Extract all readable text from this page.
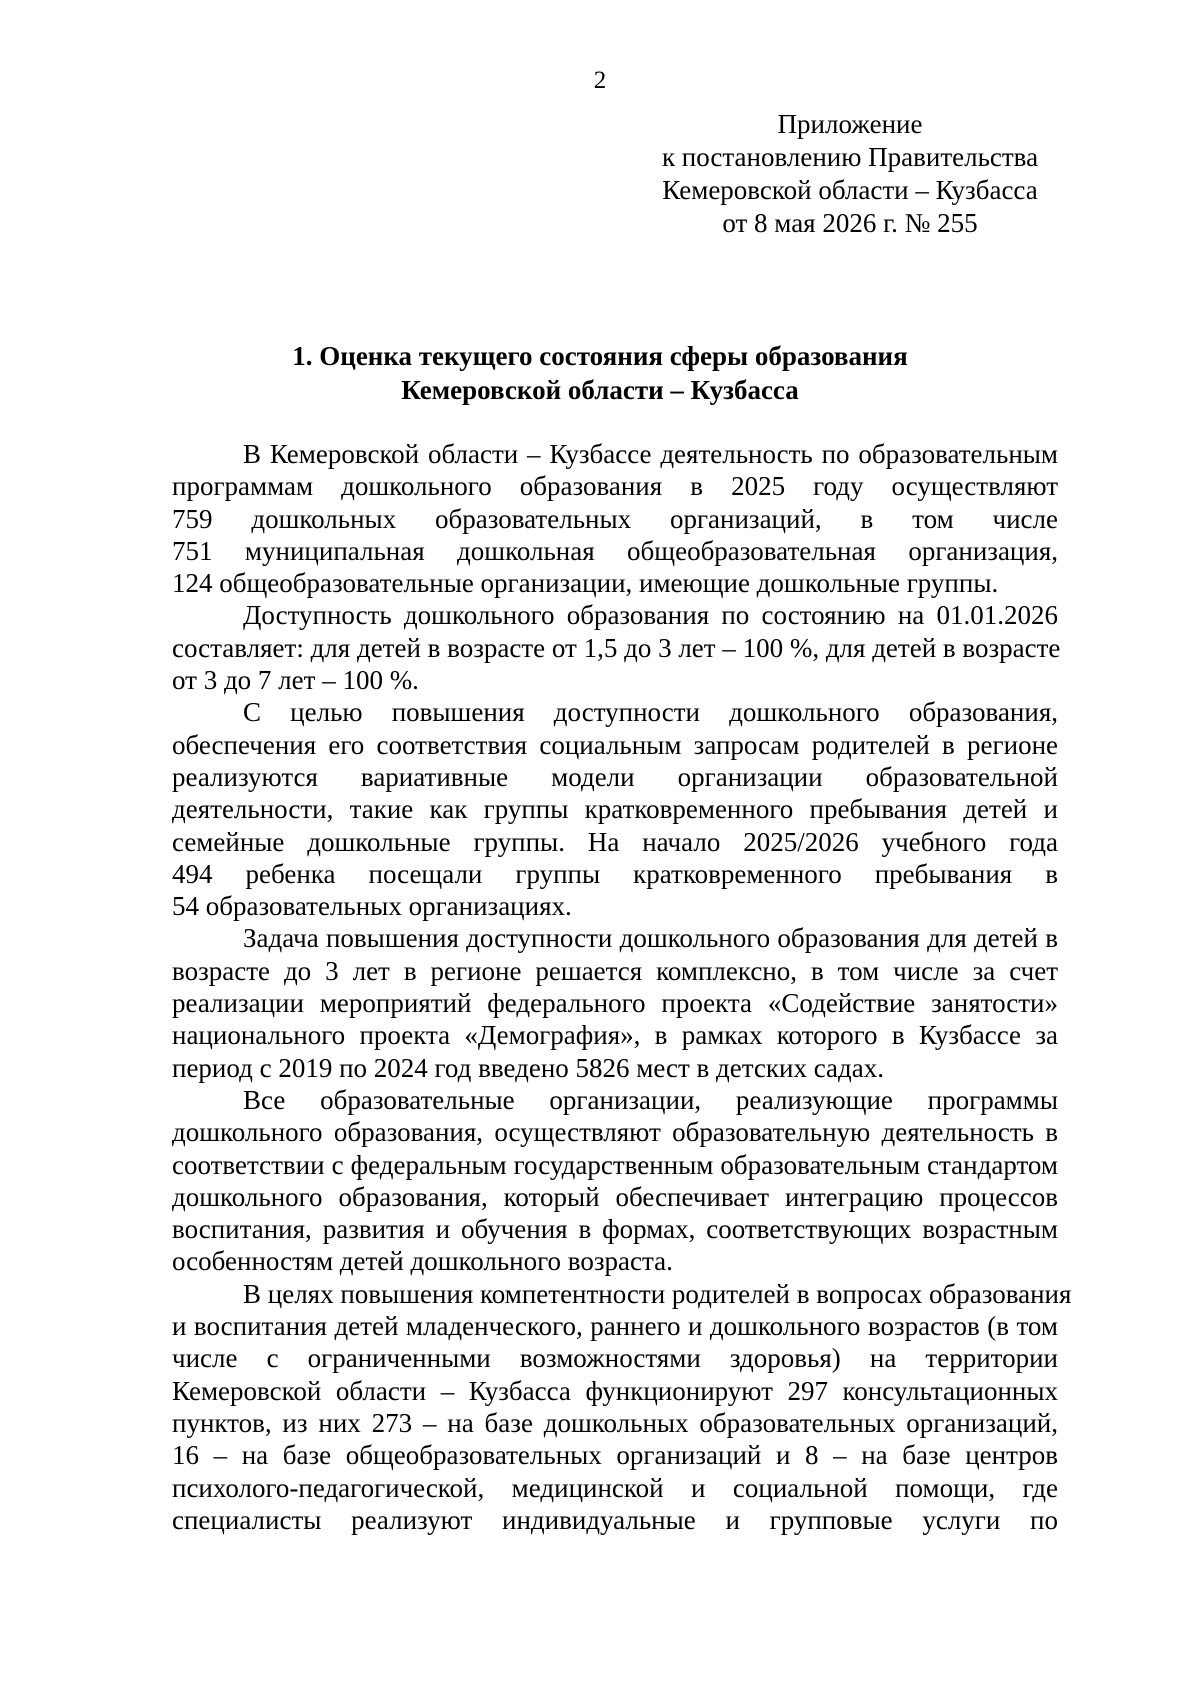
2
Приложение
к постановлению Правительства
Кемеровской области – Кузбасса
от 8 мая 2026 г. № 255
1. Оценка текущего состояния сферы образования
Кемеровской области – Кузбасса
В Кемеровской области – Кузбассе деятельность по образовательным
программам дошкольного образования в 2025 году осуществляют
759 дошкольных образовательных организаций, в том числе
751 муниципальная дошкольная общеобразовательная организация,
124 общеобразовательные организации, имеющие дошкольные группы.
Доступность дошкольного образования по состоянию на 01.01.2026
составляет: для детей в возрасте от 1,5 до 3 лет – 100 %, для детей в возрасте
от 3 до 7 лет – 100 %.
С целью повышения доступности дошкольного образования,
обеспечения его соответствия социальным запросам родителей в регионе
реализуются вариативные модели организации образовательной
деятельности, такие как группы кратковременного пребывания детей и
семейные дошкольные группы. На начало 2025/2026 учебного года
494 ребенка посещали группы кратковременного пребывания в
54 образовательных организациях.
Задача повышения доступности дошкольного образования для детей в
возрасте до 3 лет в регионе решается комплексно, в том числе за счет
реализации мероприятий федерального проекта «Содействие занятости»
национального проекта «Демография», в рамках которого в Кузбассе за
период с 2019 по 2024 год введено 5826 мест в детских садах.
Все образовательные организации, реализующие программы
дошкольного образования, осуществляют образовательную деятельность в
соответствии с федеральным государственным образовательным стандартом
дошкольного образования, который обеспечивает интеграцию процессов
воспитания, развития и обучения в формах, соответствующих возрастным
особенностям детей дошкольного возраста.
В целях повышения компетентности родителей в вопросах образования
и воспитания детей младенческого, раннего и дошкольного возрастов (в том
числе с ограниченными возможностями здоровья) на территории
Кемеровской области – Кузбасса функционируют 297 консультационных
пунктов, из них 273 – на базе дошкольных образовательных организаций,
16 – на базе общеобразовательных организаций и 8 – на базе центров
психолого-педагогической, медицинской и социальной помощи, где
специалисты реализуют индивидуальные и групповые услуги по
